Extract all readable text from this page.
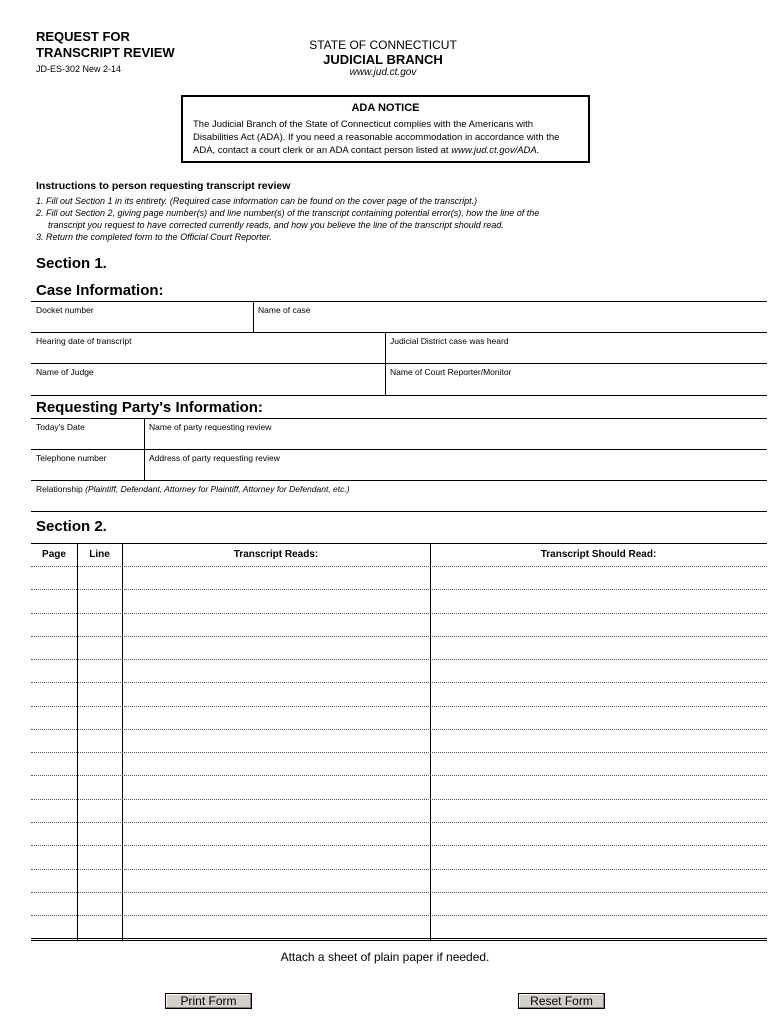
REQUEST FOR
TRANSCRIPT REVIEW
JD-ES-302 New 2-14
STATE OF CONNECTICUT
JUDICIAL BRANCH
www.jud.ct.gov
ADA NOTICE
The Judicial Branch of the State of Connecticut complies with the Americans with
Disabilities Act (ADA). If you need a reasonable accommodation in accordance with the
ADA, contact a court clerk or an ADA contact person listed at www.jud.ct.gov/ADA.
Instructions to person requesting transcript review
1. Fill out Section 1 in its entirety. (Required case information can be found on the cover page of the transcript.)
2. Fill out Section 2, giving page number(s) and line number(s) of the transcript containing potential error(s), how the line of the
transcript you request to have corrected currently reads, and how you believe the line of the transcript should read.
3. Return the completed form to the Official Court Reporter.
Section 1.
Case Information:
Docket number	Name of case
Hearing date of transcript	Judicial District case was heard
Name of Judge	Name of Court Reporter/Monitor
Requesting Party's Information:
Today's Date	Name of party requesting review
Telephone number	Address of party requesting review
Relationship (Plaintiff, Defendant, Attorney for Plaintiff, Attorney for Defendant, etc.)
Section 2.
Page	Line	Transcript Reads:	Transcript Should Read:
Attach a sheet of plain paper if needed.
Print Form	Reset Form
